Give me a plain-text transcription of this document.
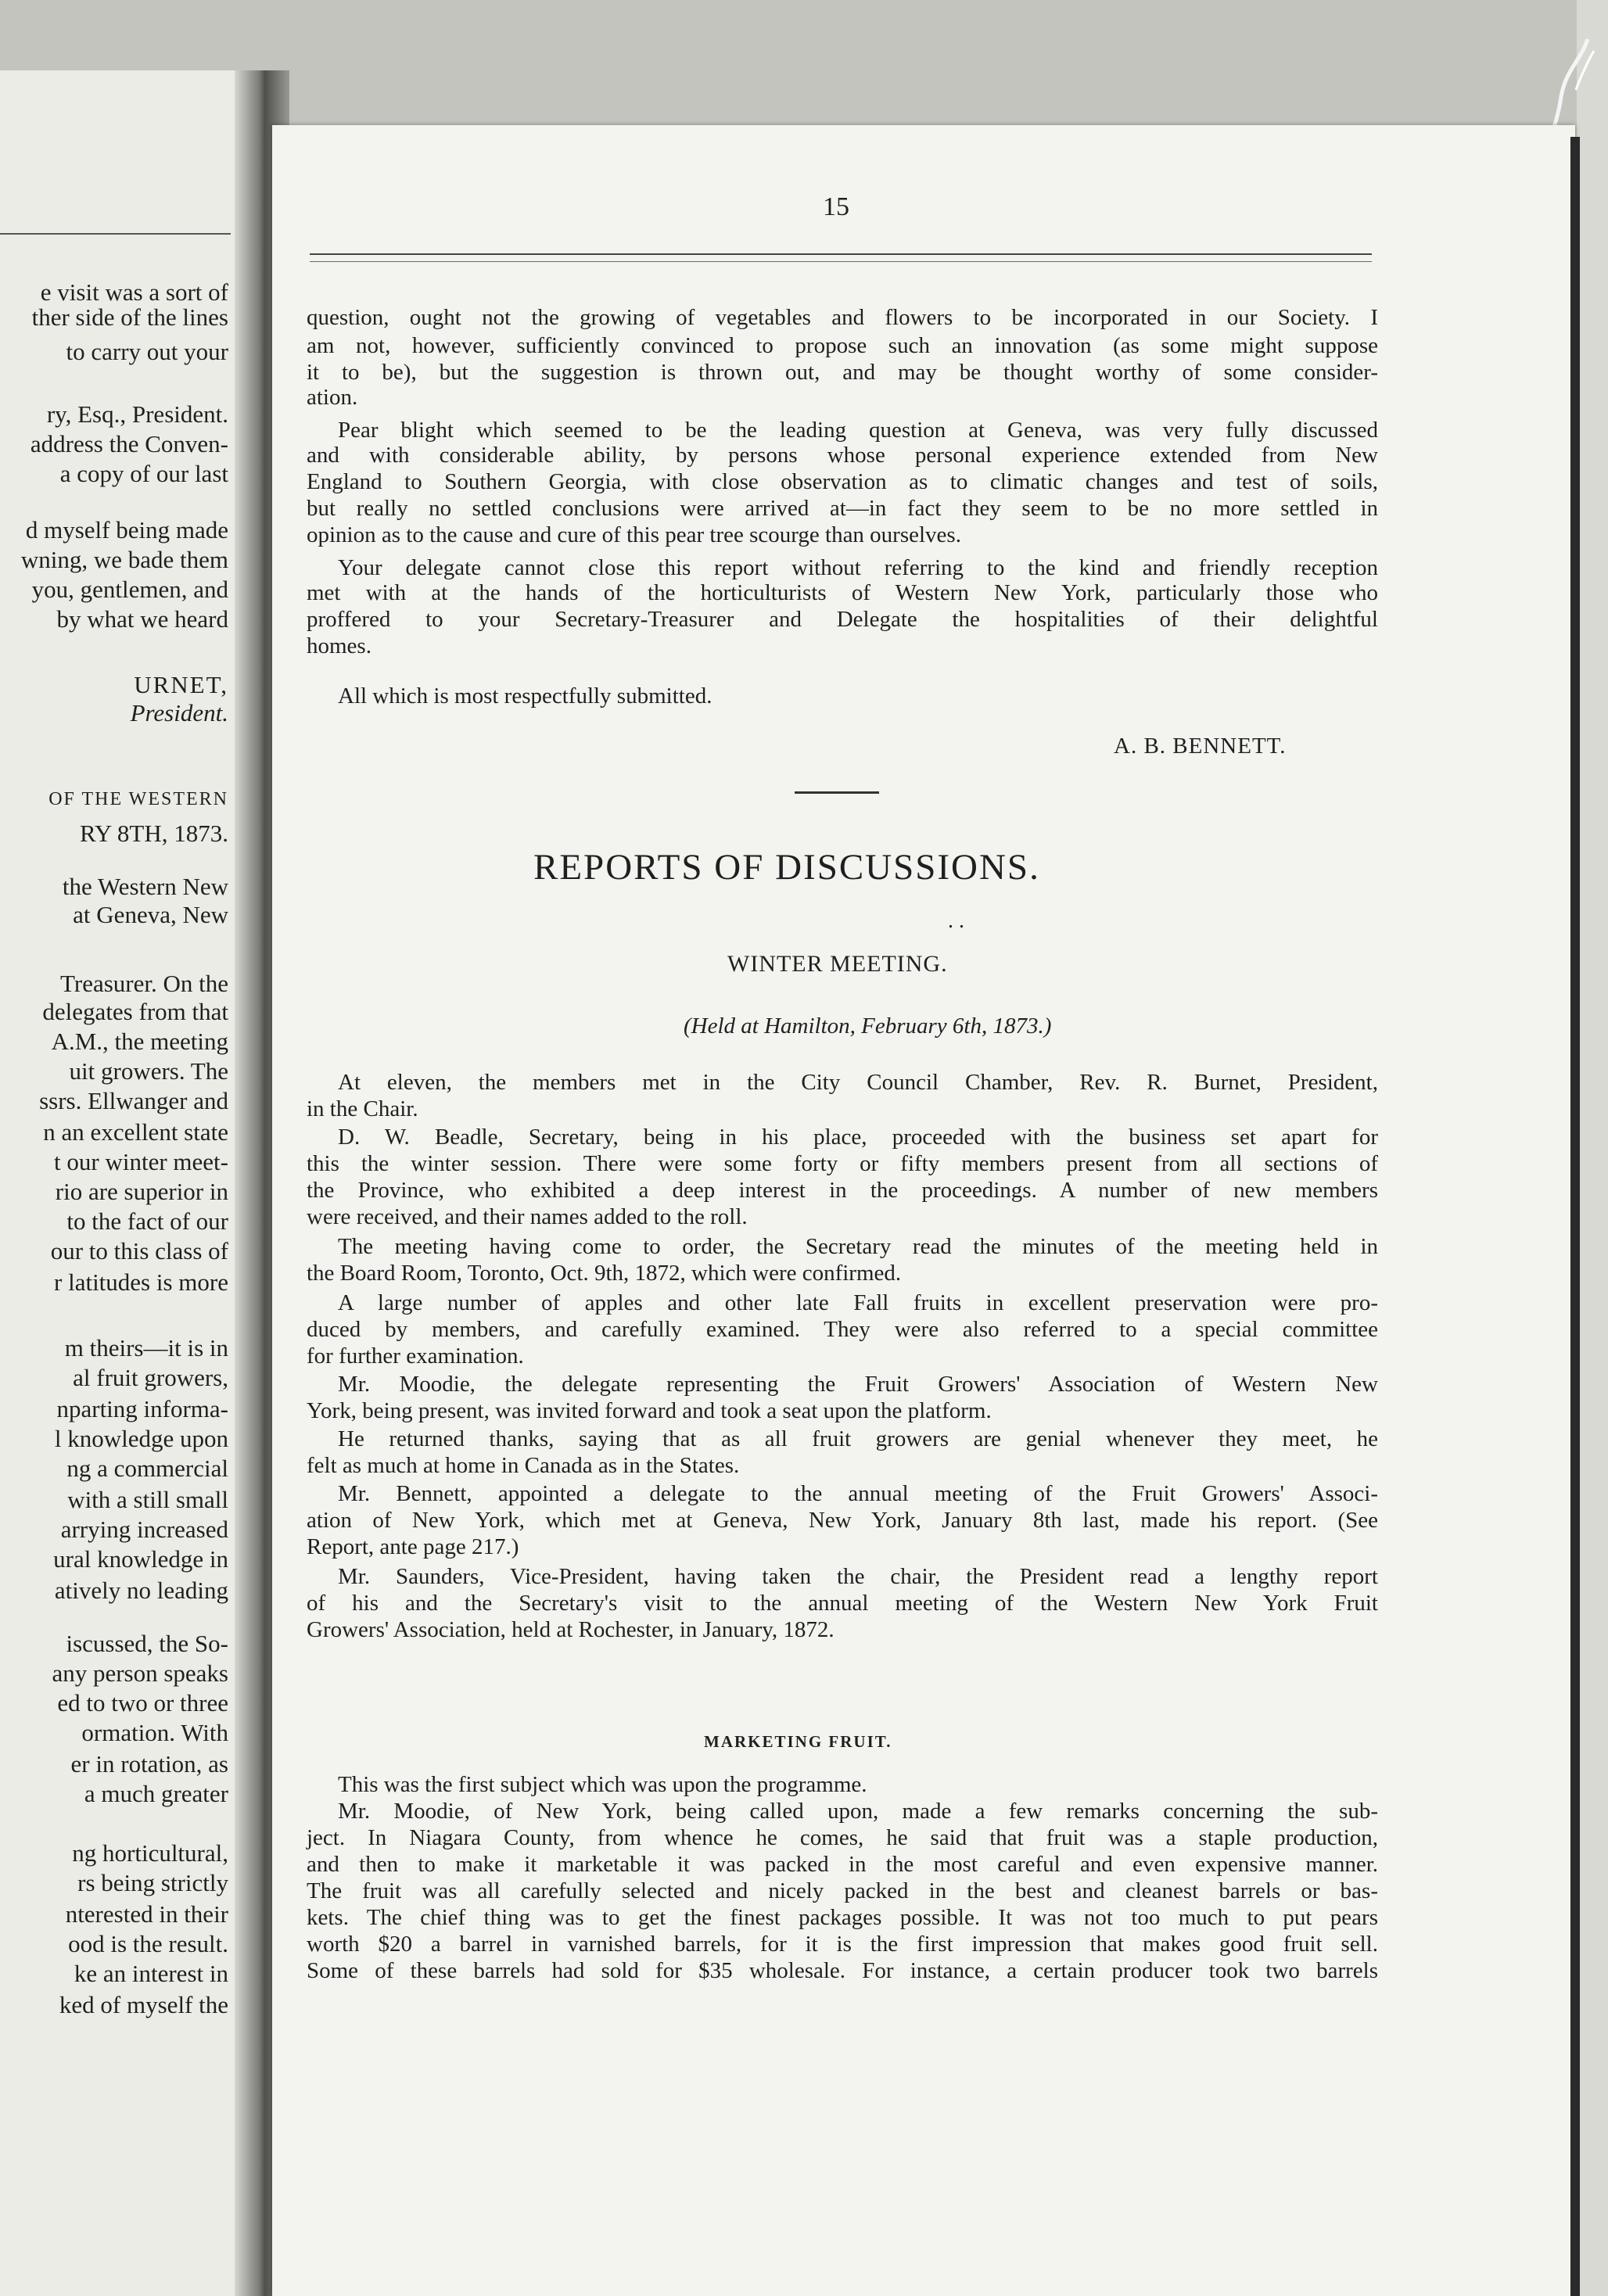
e visit was a sort of
ther side of the lines
to carry out your
ry, Esq., President.
address the Conven-
a copy of our last
d myself being made
wning, we bade them
you, gentlemen, and
by what we heard
URNET,
President.
OF THE WESTERN
RY 8TH, 1873.
the Western New
at Geneva, New
Treasurer. On the
delegates from that
A.M., the meeting
uit growers. The
ssrs. Ellwanger and
n an excellent state
t our winter meet-
rio are superior in
to the fact of our
our to this class of
r latitudes is more
m theirs—it is in
al fruit growers,
nparting informa-
l knowledge upon
ng a commercial
with a still small
arrying increased
ural knowledge in
atively no leading
iscussed, the So-
any person speaks
ed to two or three
ormation. With
er in rotation, as
a much greater
ng horticultural,
rs being strictly
nterested in their
ood is the result.
ke an interest in
ked of myself the
15
question, ought not the growing of vegetables and flowers to be incorporated in our Society. I
am not, however, sufficiently convinced to propose such an innovation (as some might suppose
it to be), but the suggestion is thrown out, and may be thought worthy of some consider-
ation.
Pear blight which seemed to be the leading question at Geneva, was very fully discussed
and with considerable ability, by persons whose personal experience extended from New
England to Southern Georgia, with close observation as to climatic changes and test of soils,
but really no settled conclusions were arrived at—in fact they seem to be no more settled in
opinion as to the cause and cure of this pear tree scourge than ourselves.
Your delegate cannot close this report without referring to the kind and friendly reception
met with at the hands of the horticulturists of Western New York, particularly those who
proffered to your Secretary-Treasurer and Delegate the hospitalities of their delightful
homes.
All which is most respectfully submitted.
A. B. BENNETT.
REPORTS OF DISCUSSIONS.
. .
WINTER MEETING.
(Held at Hamilton, February 6th, 1873.)
At eleven, the members met in the City Council Chamber, Rev. R. Burnet, President,
in the Chair.
D. W. Beadle, Secretary, being in his place, proceeded with the business set apart for
this the winter session. There were some forty or fifty members present from all sections of
the Province, who exhibited a deep interest in the proceedings. A number of new members
were received, and their names added to the roll.
The meeting having come to order, the Secretary read the minutes of the meeting held in
the Board Room, Toronto, Oct. 9th, 1872, which were confirmed.
A large number of apples and other late Fall fruits in excellent preservation were pro-
duced by members, and carefully examined. They were also referred to a special committee
for further examination.
Mr. Moodie, the delegate representing the Fruit Growers' Association of Western New
York, being present, was invited forward and took a seat upon the platform.
He returned thanks, saying that as all fruit growers are genial whenever they meet, he
felt as much at home in Canada as in the States.
Mr. Bennett, appointed a delegate to the annual meeting of the Fruit Growers' Associ-
ation of New York, which met at Geneva, New York, January 8th last, made his report. (See
Report, ante page 217.)
Mr. Saunders, Vice-President, having taken the chair, the President read a lengthy report
of his and the Secretary's visit to the annual meeting of the Western New York Fruit
Growers' Association, held at Rochester, in January, 1872.
MARKETING FRUIT.
This was the first subject which was upon the programme.
Mr. Moodie, of New York, being called upon, made a few remarks concerning the sub-
ject. In Niagara County, from whence he comes, he said that fruit was a staple production,
and then to make it marketable it was packed in the most careful and even expensive manner.
The fruit was all carefully selected and nicely packed in the best and cleanest barrels or bas-
kets. The chief thing was to get the finest packages possible. It was not too much to put pears
worth $20 a barrel in varnished barrels, for it is the first impression that makes good fruit sell.
Some of these barrels had sold for $35 wholesale. For instance, a certain producer took two barrels
